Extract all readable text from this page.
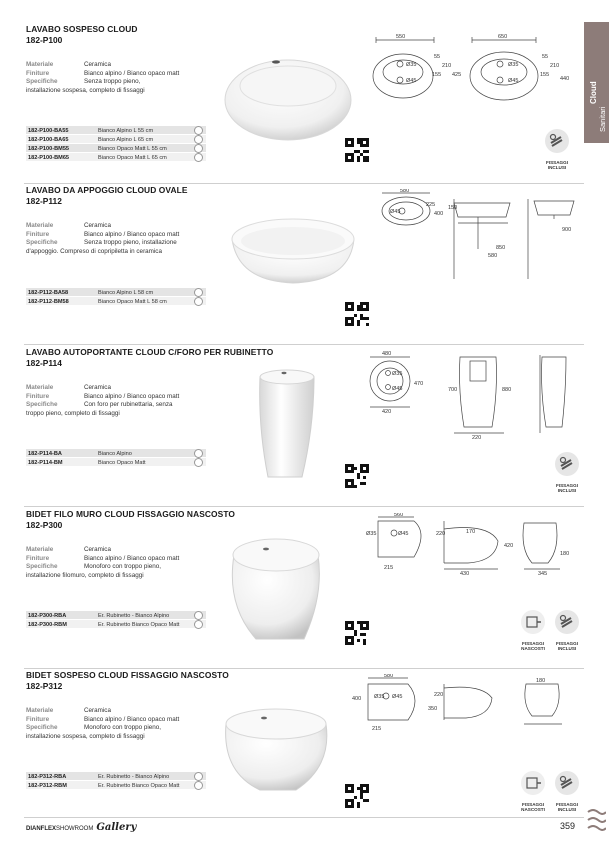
Cloud
Sanitari
LAVABO SOSPESO CLOUD
182-P100
Materiale	Ceramica
Finiture	Bianco alpino / Bianco opaco matt
Specifiche	Senza troppo pieno,
installazione sospesa, completo di fissaggi
182-P100-BA55	Bianco Alpino L 55 cm
182-P100-BA65	Bianco Alpino L 65 cm
182-P100-BM55	Bianco Opaco Matt L 55 cm
182-P100-BM65	Bianco Opaco Matt L 65 cm
550	650
55	55
210	210
155	155
425
440
Ø35
Ø45
Ø35
Ø45
FISSAGGI
INCLUSI
LAVABO DA APPOGGIO CLOUD OVALE
182-P112
Materiale	Ceramica
Finiture	Bianco alpino / Bianco opaco matt
Specifiche	Senza troppo pieno, installazione
d'appoggio. Compreso di copripiletta in ceramica
182-P112-BA58	Bianco Alpino L 58 cm
182-P112-BM58	Bianco Opaco Matt L 58 cm
580
400
225
Ø45
150
850
580
900
LAVABO AUTOPORTANTE CLOUD C/FORO PER RUBINETTO
182-P114
Materiale	Ceramica
Finiture	Bianco alpino / Bianco opaco matt
Specifiche	Con foro per rubinettaria, senza
troppo pieno, completo di fissaggi
182-P114-BA	Bianco Alpino
182-P114-BM	Bianco Opaco Matt
480
Ø35
Ø45
420
470
880
700
220
FISSAGGI
INCLUSI
BIDET FILO MURO CLOUD FISSAGGIO NASCOSTO
182-P300
Materiale	Ceramica
Finiture	Bianco alpino / Bianco opaco matt
Specifiche	Monoforo con troppo pieno,
installazione filomuro, completo di fissaggi
182-P300-RBA	Er. Rubinetto - Bianco Alpino
182-P300-RBM	Er. Rubinetto Bianco Opaco Matt
560
Ø35	Ø45	220	170
420
430	345
180
215
FISSAGGI
NASCOSTI
FISSAGGI
INCLUSI
BIDET SOSPESO CLOUD FISSAGGIO NASCOSTO
182-P312
Materiale	Ceramica
Finiture	Bianco alpino / Bianco opaco matt
Specifiche	Monoforo con troppo pieno,
installazione sospesa, completo di fissaggi
182-P312-RBA	Er. Rubinetto - Bianco Alpino
182-P312-RBM	Er. Rubinetto Bianco Opaco Matt
580
400 Ø35 Ø45	220
350
180
215
FISSAGGI
NASCOSTI
FISSAGGI
INCLUSI
DIANFLEXSHOWROOM Gallery	359
